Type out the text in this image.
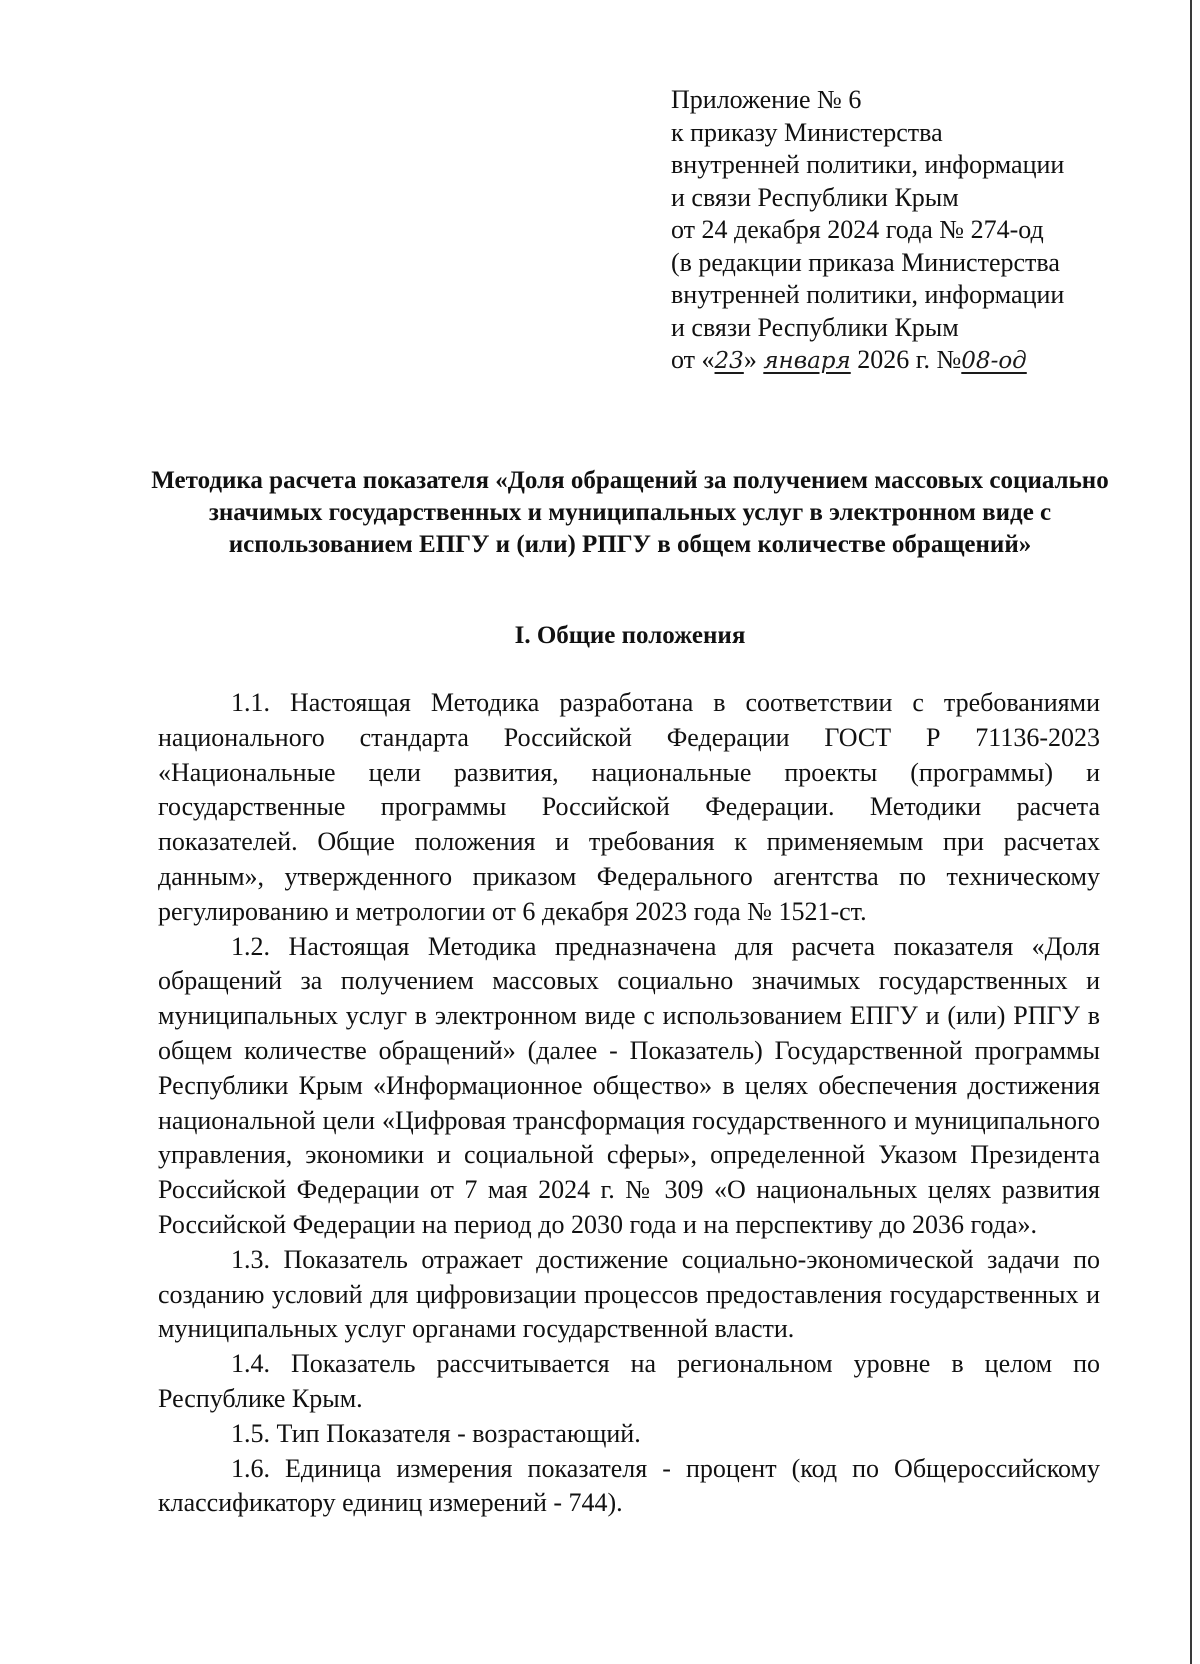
Приложение № 6
к приказу Министерства
внутренней политики, информации
и связи Республики Крым
от 24 декабря 2024 года № 274-од
(в редакции приказа Министерства
внутренней политики, информации
и связи Республики Крым
от «23» января 2026 г. №08-од
Методика расчета показателя «Доля обращений за получением массовых социально значимых государственных и муниципальных услуг в электронном виде с использованием ЕПГУ и (или) РПГУ в общем количестве обращений»
I. Общие положения

1.1. Настоящая Методика разработана в соответствии с требованиями национального стандарта Российской Федерации ГОСТ Р 71136-2023 «Национальные цели развития, национальные проекты (программы) и государственные программы Российской Федерации. Методики расчета показателей. Общие положения и требования к применяемым при расчетах данным», утвержденного приказом Федерального агентства по техническому регулированию и метрологии от 6 декабря 2023 года № 1521-ст.

1.2. Настоящая Методика предназначена для расчета показателя «Доля обращений за получением массовых социально значимых государственных и муниципальных услуг в электронном виде с использованием ЕПГУ и (или) РПГУ в общем количестве обращений» (далее - Показатель) Государственной программы Республики Крым «Информационное общество» в целях обеспечения достижения национальной цели «Цифровая трансформация государственного и муниципального управления, экономики и социальной сферы», определенной Указом Президента Российской Федерации от 7 мая 2024 г. № 309 «О национальных целях развития Российской Федерации на период до 2030 года и на перспективу до 2036 года».

1.3. Показатель отражает достижение социально-экономической задачи по созданию условий для цифровизации процессов предоставления государственных и муниципальных услуг органами государственной власти.

1.4. Показатель рассчитывается на региональном уровне в целом по Республике Крым.

1.5. Тип Показателя - возрастающий.

1.6. Единица измерения показателя - процент (код по Общероссийскому классификатору единиц измерений - 744).
